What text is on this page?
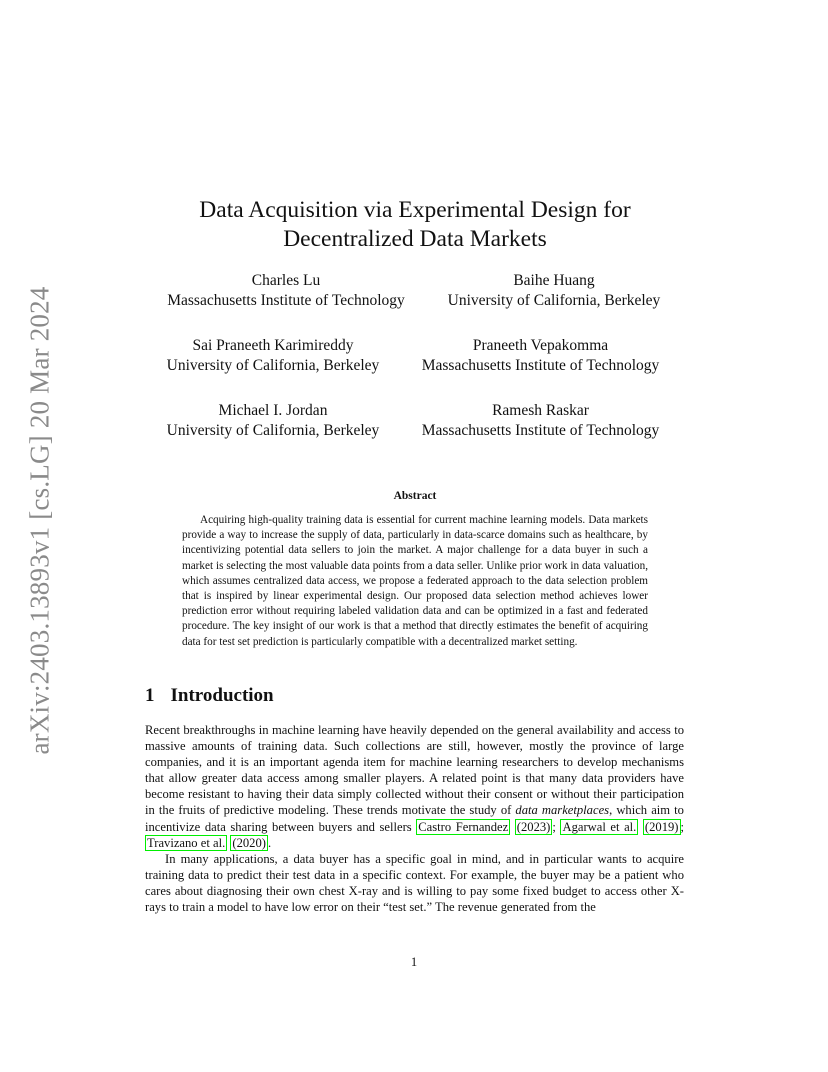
arXiv:2403.13893v1 [cs.LG] 20 Mar 2024
Data Acquisition via Experimental Design for
Decentralized Data Markets
Charles Lu
Massachusetts Institute of Technology
Baihe Huang
University of California, Berkeley
Sai Praneeth Karimireddy
University of California, Berkeley
Praneeth Vepakomma
Massachusetts Institute of Technology
Michael I. Jordan
University of California, Berkeley
Ramesh Raskar
Massachusetts Institute of Technology
Abstract

Acquiring high-quality training data is essential for current machine learning models. Data markets provide a way to increase the supply of data, particularly in data-scarce domains such as healthcare, by incentivizing potential data sellers to join the market. A major challenge for a data buyer in such a market is selecting the most valuable data points from a data seller. Unlike prior work in data valuation, which assumes centralized data access, we propose a federated approach to the data selection problem that is inspired by linear experimental design. Our proposed data selection method achieves lower prediction error without requiring labeled validation data and can be optimized in a fast and federated procedure. The key insight of our work is that a method that directly estimates the benefit of acquiring data for test set prediction is particularly compatible with a decentralized market setting.

1 Introduction

Recent breakthroughs in machine learning have heavily depended on the general availability and access to massive amounts of training data. Such collections are still, however, mostly the province of large companies, and it is an important agenda item for machine learning researchers to develop mechanisms that allow greater data access among smaller players. A related point is that many data providers have become resistant to having their data simply collected without their consent or without their participation in the fruits of predictive modeling. These trends motivate the study of data marketplaces, which aim to incentivize data sharing between buyers and sellers Castro Fernandez (2023) ; Agarwal et al. (2019) ; Travizano et al. (2020) .

In many applications, a data buyer has a specific goal in mind, and in particular wants to acquire training data to predict their test data in a specific context. For example, the buyer may be a patient who cares about diagnosing their own chest X-ray and is willing to pay some fixed budget to access other X-rays to train a model to have low error on their “test set.” The revenue generated from the

1
